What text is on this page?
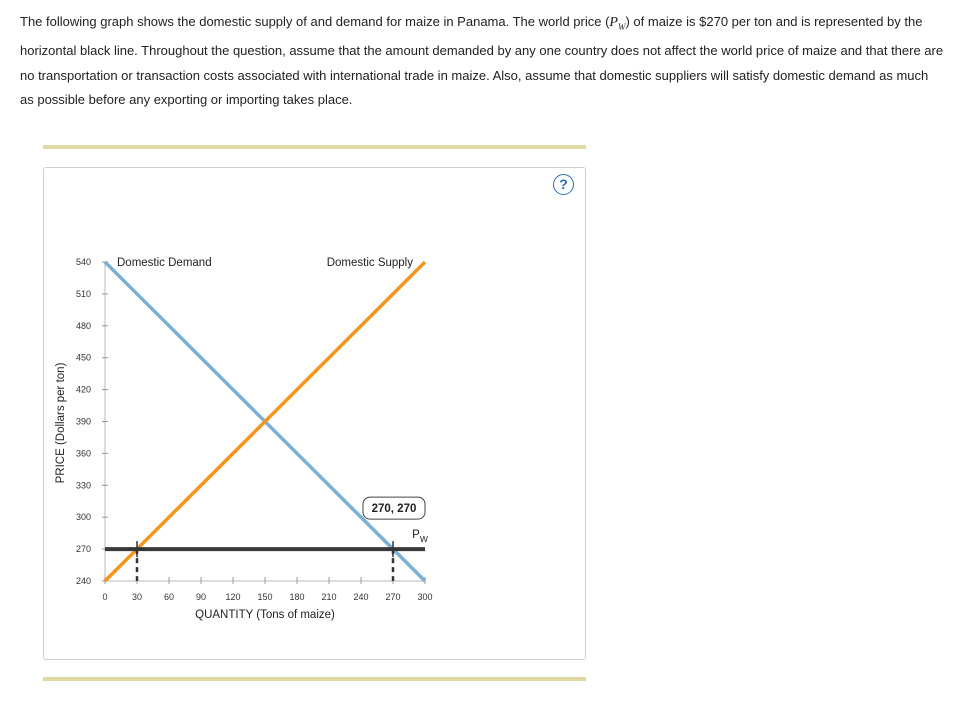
The following graph shows the domestic supply of and demand for maize in Panama. The world price $(P_W)$ of maize is $270 per ton and is represented by the horizontal black line. Throughout the question, assume that the amount demanded by any one country does not affect the world price of maize and that there are no transportation or transaction costs associated with international trade in maize. Also, assume that domestic suppliers will satisfy domestic demand as much as possible before any exporting or importing takes place.
?
240
270
300
330
360
390
420
450
480
510
540
0	30 60 90 120 150 180 210 240 270 300
PRICE (Dollars per ton)
QUANTITY (Tons of maize)
$P_W$
270, 270
Domestic Demand	Domestic Supply
